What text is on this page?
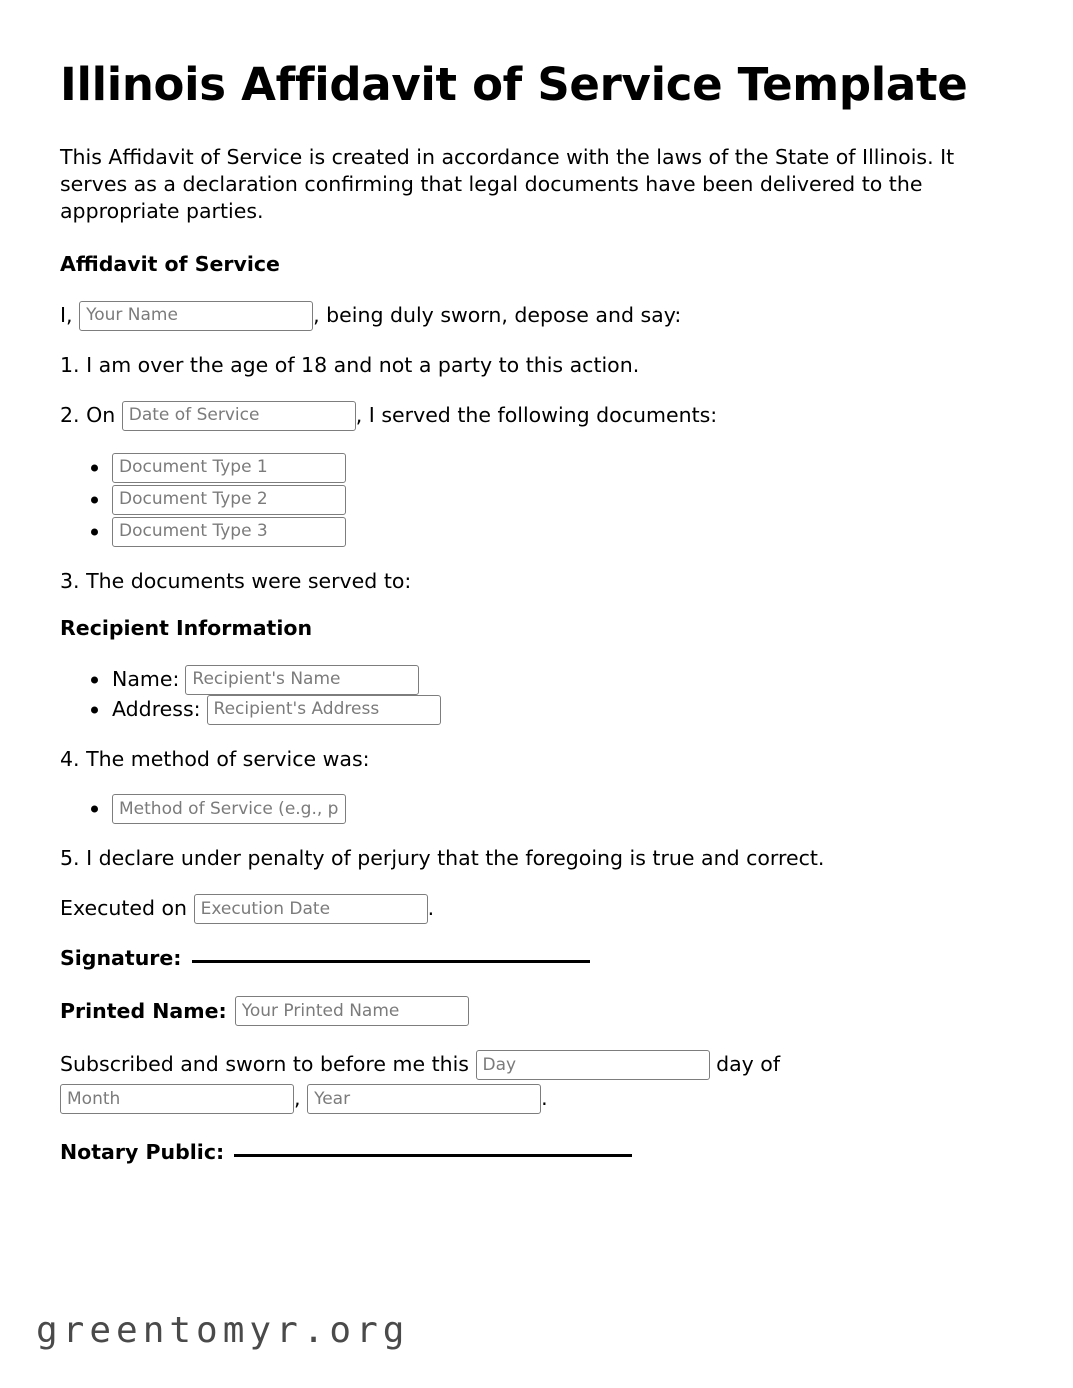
Illinois Affidavit of Service Template

This Affidavit of Service is created in accordance with the laws of the State of Illinois. It serves as a declaration confirming that legal documents have been delivered to the appropriate parties.

Affidavit of Service
I,

Your Name	, being duly sworn, depose and say:

1. I am over the age of 18 and not a party to this action.

2. On

Date of Service	, I served the following documents:
Document Type 1
Document Type 2
Document Type 3

3. The documents were served to:

Recipient Information
Name:
Recipient's Name
Address:
Recipient's Address

4. The method of service was:

Method of Service (e.g., personal, mail)

5. I declare under penalty of perjury that the foregoing is true and correct.

Executed on

Execution Date	.
Signature:
Printed Name:
Your Printed Name
Subscribed and sworn to before me this

Day
	day of
Month
,

Year	.
Notary Public:
greentomyr.org
